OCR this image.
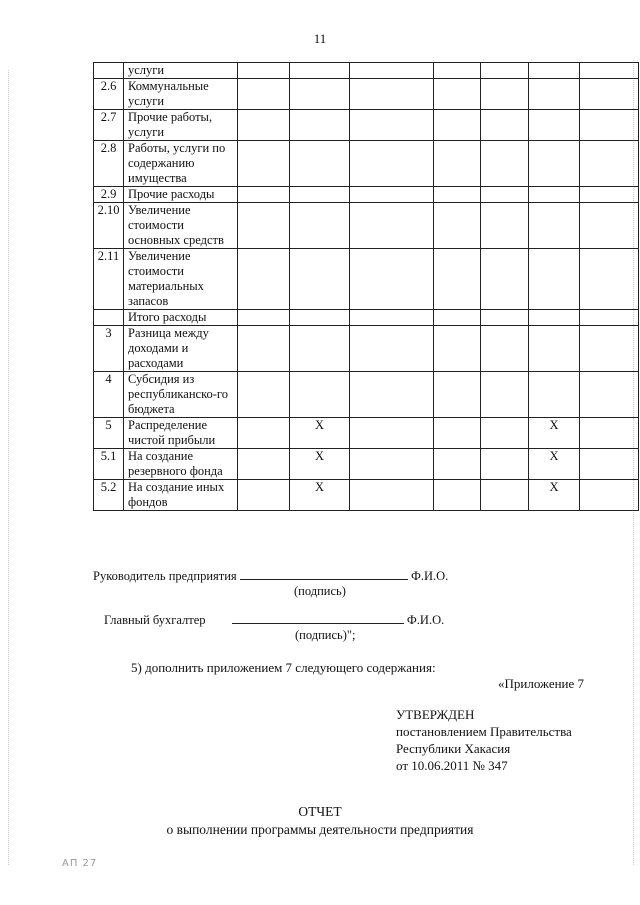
11
	услуги							
2.6	Коммунальные услуги							
2.7	Прочие работы, услуги							
2.8	Работы, услуги по содержанию имущества							
2.9	Прочие расходы							
2.10	Увеличение стоимости основных средств							
2.11	Увеличение стоимости материальных запасов							
	Итого расходы							
3	Разница между доходами и расходами							
4	Субсидия из республиканско-го бюджета							
5	Распределение чистой прибыли		X				X	
5.1	На создание резервного фонда		X				X	
5.2	На создание иных фондов		X				X	
Руководитель предприятия	Ф.И.О.
(подпись)
Главный бухгалтер	Ф.И.О.
(подпись)";
5) дополнить приложением 7 следующего содержания:
«Приложение 7
УТВЕРЖДЕН
постановлением Правительства
Республики Хакасия
от 10.06.2011 № 347
ОТЧЕТ
о выполнении программы деятельности предприятия
АП 27
